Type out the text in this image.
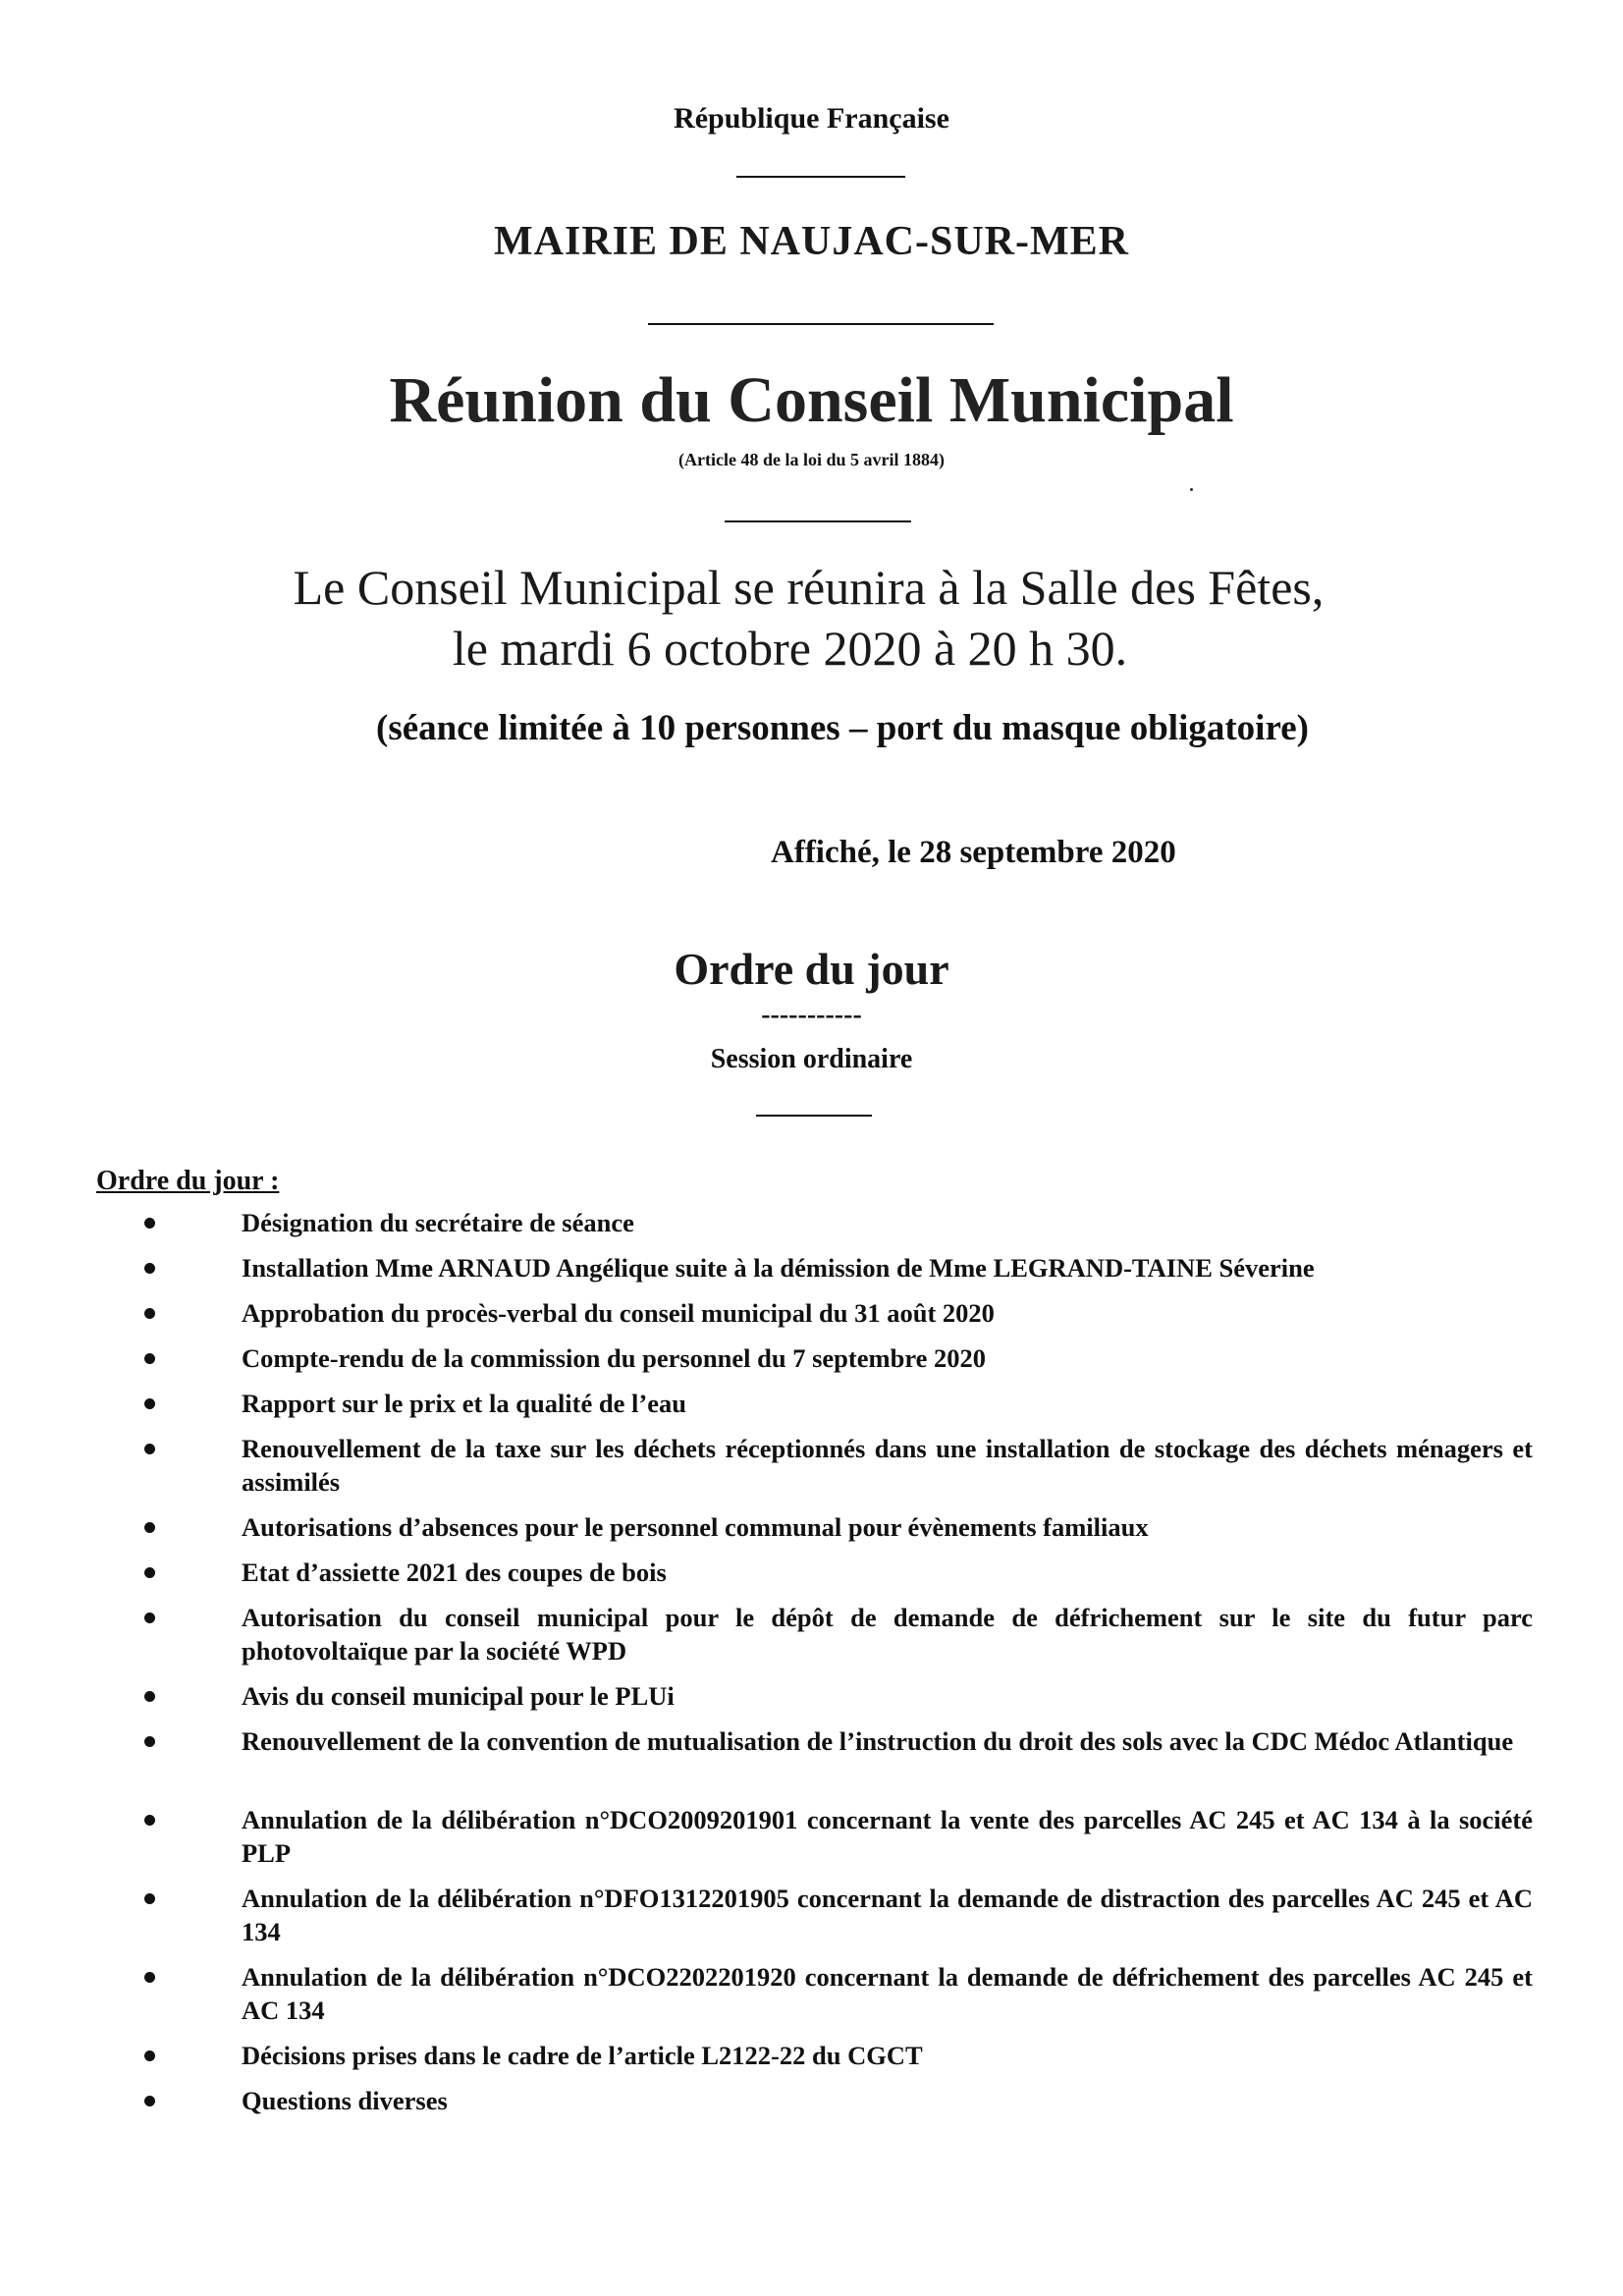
République Française
MAIRIE DE NAUJAC-SUR-MER
Réunion du Conseil Municipal
(Article 48 de la loi du 5 avril 1884)
Le Conseil Municipal se réunira à la Salle des Fêtes,
le mardi 6 octobre 2020 à 20 h 30.
(séance limitée à 10 personnes – port du masque obligatoire)
Affiché, le 28 septembre 2020
Ordre du jour
-----------
Session ordinaire
Ordre du jour :
Désignation du secrétaire de séance
Installation Mme ARNAUD Angélique suite à la démission de Mme LEGRAND-TAINE Séverine
Approbation du procès-verbal du conseil municipal du 31 août 2020
Compte-rendu de la commission du personnel du 7 septembre 2020
Rapport sur le prix et la qualité de l’eau
Renouvellement de la taxe sur les déchets réceptionnés dans une installation de stockage des déchets ménagers et assimilés
Autorisations d’absences pour le personnel communal pour évènements familiaux
Etat d’assiette 2021 des coupes de bois
Autorisation du conseil municipal pour le dépôt de demande de défrichement sur le site du futur parc photovoltaïque par la société WPD
Avis du conseil municipal pour le PLUi
Renouvellement de la convention de mutualisation de l’instruction du droit des sols avec la CDC Médoc Atlantique
Annulation de la délibération n°DCO2009201901 concernant la vente des parcelles AC 245 et AC 134 à la société PLP
Annulation de la délibération n°DFO1312201905 concernant la demande de distraction des parcelles AC 245 et AC 134
Annulation de la délibération n°DCO2202201920 concernant la demande de défrichement des parcelles AC 245 et AC 134
Décisions prises dans le cadre de l’article L2122-22 du CGCT
Questions diverses
